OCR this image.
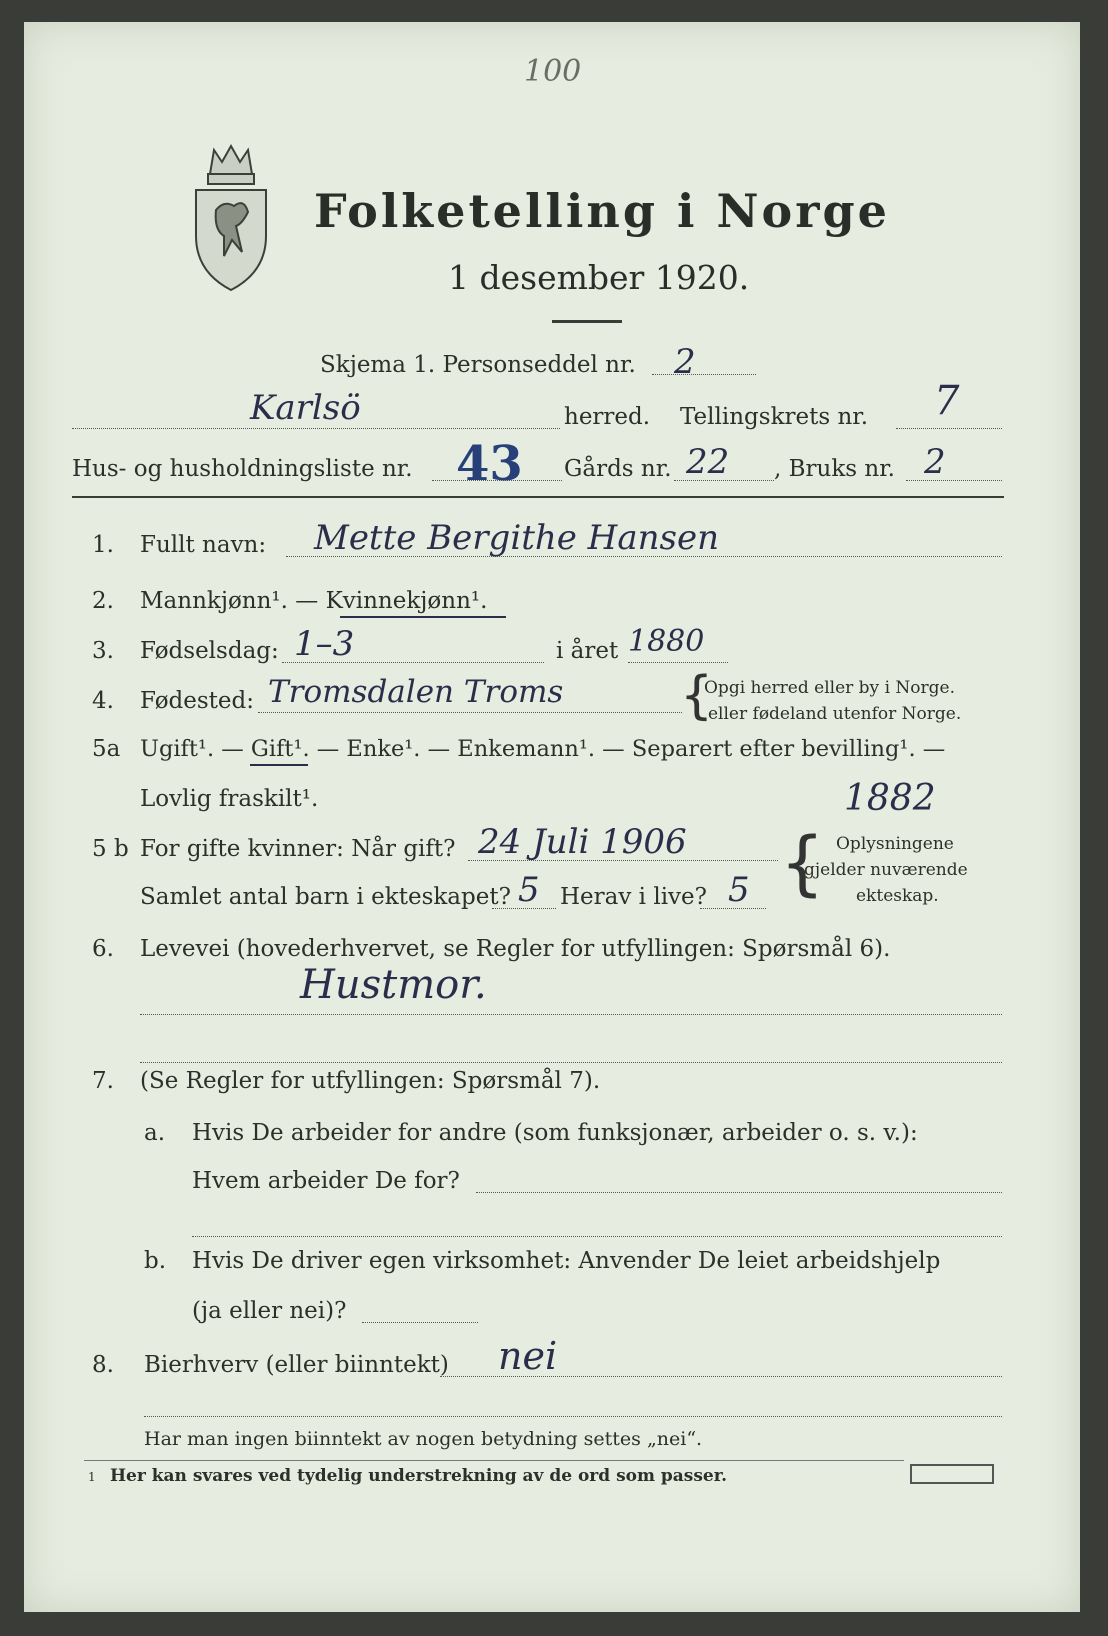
100
Folketelling i Norge
1 desember 1920.
Skjema 1. Personseddel nr. 2
Karlsö	herred. Tellingskrets nr. 7
Hus- og husholdningsliste nr. 43 Gårds nr. 22 , Bruks nr. 2
1. Fullt navn: Mette Bergithe Hansen
2. Mannkjønn¹. — Kvinnekjønn¹.
3. Fødselsdag: 1–3	i året 1880
4. Fødested: Tromsdalen Troms {
Opgi herred eller by i Norge.
eller fødeland utenfor Norge.
5a Ugift¹. — Gift¹. — Enke¹. — Enkemann¹. — Separert efter bevilling¹. —
Lovlig fraskilt¹.
5 b For gifte kvinner: Når gift? 24 Juli 1906
1882
Samlet antal barn i ekteskapet? 5 Herav i live? 5 { Oplysningene
gjelder nuværende
ekteskap.
6. Levevei (hovederhvervet, se Regler for utfyllingen: Spørsmål 6).
Hustmor.
7. (Se Regler for utfyllingen: Spørsmål 7).
a. Hvis De arbeider for andre (som funksjonær, arbeider o. s. v.):
Hvem arbeider De for?
b. Hvis De driver egen virksomhet: Anvender De leiet arbeidshjelp
(ja eller nei)?
8. Bierhverv (eller biinntekt) nei
Har man ingen biinntekt av nogen betydning settes „nei“.
1 Her kan svares ved tydelig understrekning av de ord som passer.
